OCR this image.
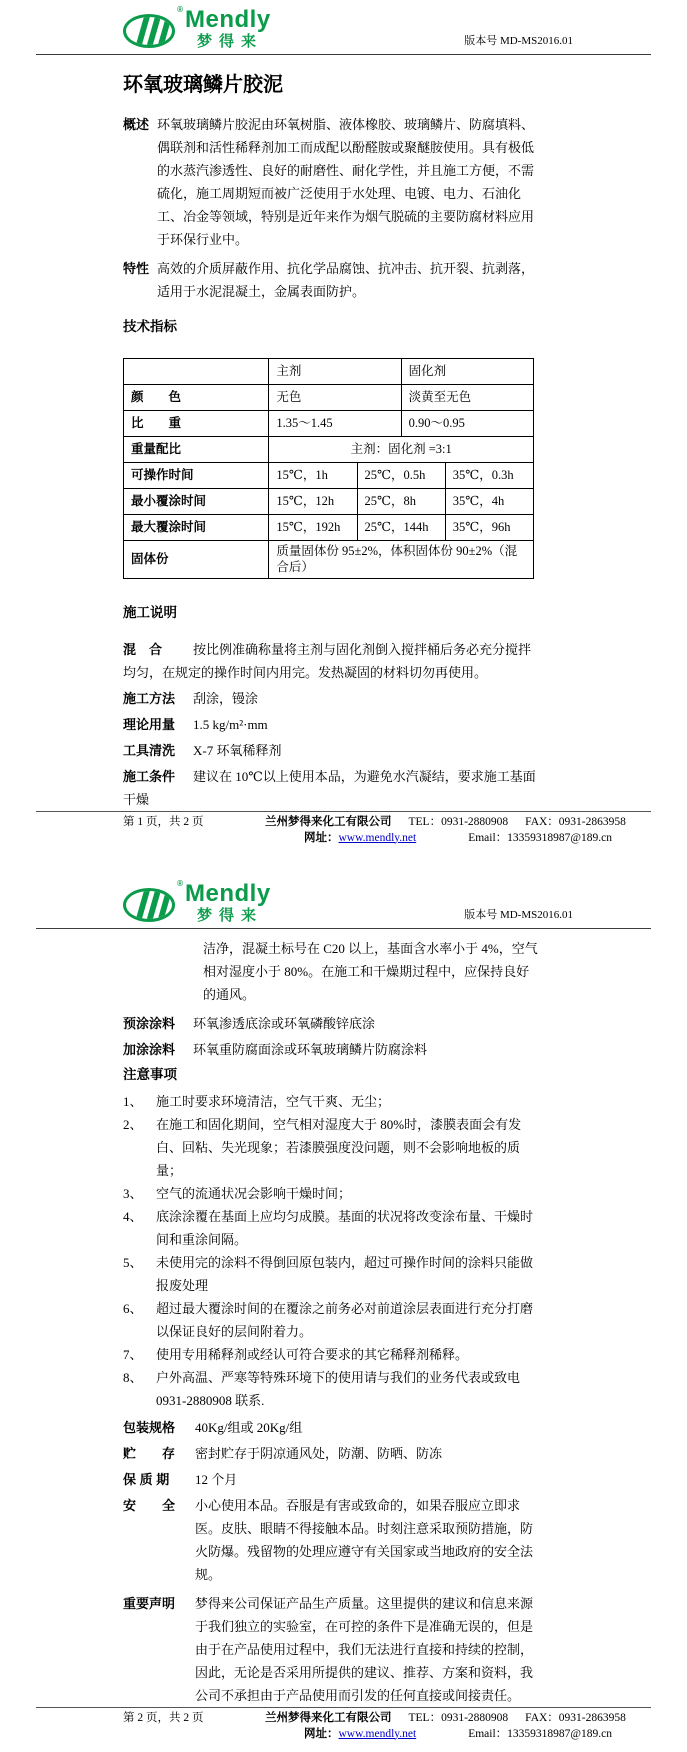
® Mendly
梦得来	版本号 MD-MS2016.01
环氧玻璃鳞片胶泥
概述 环氧玻璃鳞片胶泥由环氧树脂、液体橡胶、玻璃鳞片、防腐填料、偶联剂和活性稀释剂加工而成配以酚醛胺或聚醚胺使用。具有极低的水蒸汽渗透性、良好的耐磨性、耐化学性，并且施工方便，不需硫化，施工周期短而被广泛使用于水处理、电镀、电力、石油化工、冶金等领域，特别是近年来作为烟气脱硫的主要防腐材料应用于环保行业中。
特性 高效的介质屏蔽作用、抗化学品腐蚀、抗冲击、抗开裂、抗剥落，适用于水泥混凝土，金属表面防护。
技术指标
	主剂		固化剂	
颜　　色	无色		淡黄至无色	
比　　重	1.35～1.45		0.90～0.95	
重量配比	主剂：固化剂 =3:1			
可操作时间	15℃，1h	25℃，0.5h		35℃，0.3h
最小覆涂时间	15℃，12h	25℃，8h		35℃，4h
最大覆涂时间	15℃，192h	25℃，144h		35℃，96h
固体份	质量固体份 95±2%，体积固体份 90±2%（混合后）			
施工说明

混　合 按比例准确称量将主剂与固化剂倒入搅拌桶后务必充分搅拌均匀，在规定的操作时间内用完。发热凝固的材料切勿再使用。

施工方法 刮涂，镘涂

理论用量 1.5 kg/m²·mm

工具清洗 X-7 环氧稀释剂

施工条件 建议在 10℃以上使用本品，为避免水汽凝结，要求施工基面干燥

第 1 页，共 2 页	兰州梦得来化工有限公司 TEL：0931-2880908 FAX：0931-2863958
网址：www.mendly.net	Email：13359318987@189.cn
® Mendly
梦得来	版本号 MD-MS2016.01

洁净，混凝土标号在 C20 以上，基面含水率小于 4%，空气相对湿度小于 80%。在施工和干燥期过程中，应保持良好的通风。

预涂涂料 环氧渗透底涂或环氧磷酸锌底涂

加涂涂料 环氧重防腐面涂或环氧玻璃鳞片防腐涂料

注意事项
1、 施工时要求环境清洁，空气干爽、无尘；
2、 在施工和固化期间，空气相对湿度大于 80%时，漆膜表面会有发白、回粘、失光现象；若漆膜强度没问题，则不会影响地板的质量；
3、 空气的流通状况会影响干燥时间；
4、 底涂涂覆在基面上应均匀成膜。基面的状况将改变涂布量、干燥时间和重涂间隔。
5、 未使用完的涂料不得倒回原包装内，超过可操作时间的涂料只能做报废处理
6、 超过最大覆涂时间的在覆涂之前务必对前道涂层表面进行充分打磨以保证良好的层间附着力。
7、 使用专用稀释剂或经认可符合要求的其它稀释剂稀释。
8、 户外高温、严寒等特殊环境下的使用请与我们的业务代表或致电 0931-2880908 联系.
包装规格 40Kg/组或 20Kg/组
贮　　存 密封贮存于阴凉通风处，防潮、防晒、防冻
保 质 期 12 个月
安　　全 小心使用本品。吞服是有害或致命的，如果吞服应立即求医。皮肤、眼睛不得接触本品。时刻注意采取预防措施，防火防爆。残留物的处理应遵守有关国家或当地政府的安全法规。
重要声明 梦得来公司保证产品生产质量。这里提供的建议和信息来源于我们独立的实验室，在可控的条件下是准确无误的，但是由于在产品使用过程中，我们无法进行直接和持续的控制，因此，无论是否采用所提供的建议、推荐、方案和资料，我公司不承担由于产品使用而引发的任何直接或间接责任。
第 2 页，共 2 页	兰州梦得来化工有限公司 TEL：0931-2880908 FAX：0931-2863958
网址：www.mendly.net	Email：13359318987@189.cn
